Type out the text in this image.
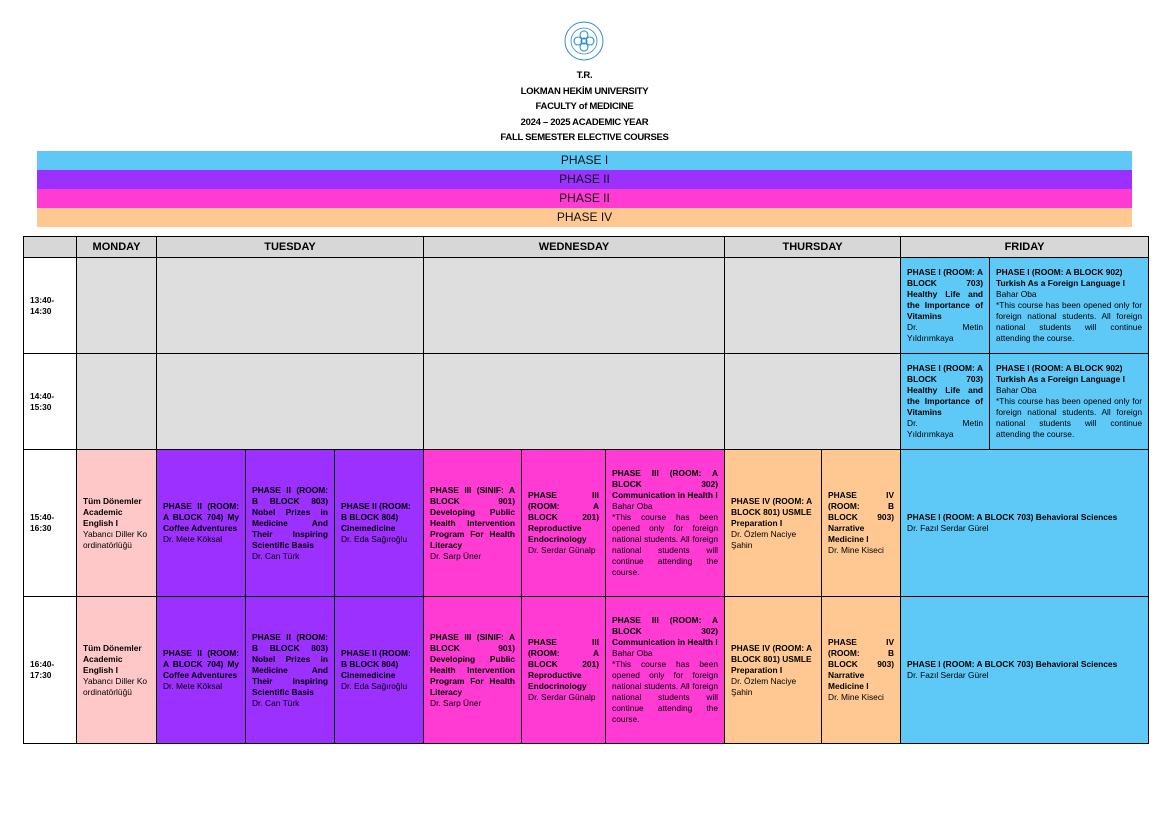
T.R.
LOKMAN HEKİM UNIVERSITY
FACULTY of MEDICINE
2024 – 2025 ACADEMIC YEAR
FALL SEMESTER ELECTIVE COURSES
PHASE I
PHASE II
PHASE II
PHASE IV
	MONDAY	TUESDAY			WEDNESDAY			THURSDAY		FRIDAY	
13:40-
14:30										PHASE I (ROOM: A BLOCK 703) Healthy Life and the Importance of Vitamins
Dr. Metin Yıldırımkaya	PHASE I (ROOM: A BLOCK 902) Turkish As a Foreign Language I
Bahar Oba
*This course has been opened only for foreign national students. All foreign national students will continue attending the course.

14:40-
15:30										PHASE I (ROOM: A BLOCK 703) Healthy Life and the Importance of Vitamins
Dr. Metin Yıldırımkaya	PHASE I (ROOM: A BLOCK 902) Turkish As a Foreign Language I
Bahar Oba
*This course has been opened only for foreign national students. All foreign national students will continue attending the course.

15:40-
16:30	Tüm Dönemler Academic English I
Yabancı Diller Koordinatörlüğü	PHASE II (ROOM: A BLOCK 704) My Coffee Adventures
Dr. Mete Köksal	PHASE II (ROOM: B BLOCK 803) Nobel Prizes in Medicine And Their Inspiring Scientific Basis
Dr. Can Türk	PHASE II (ROOM: B BLOCK 804) Cinemedicine
Dr. Eda Sağıroğlu	PHASE III (SINIF: A BLOCK 901) Developing Public Health Intervention Program For Health Literacy
Dr. Sarp Üner	PHASE III (ROOM: A BLOCK 201) Reproductive Endocrinology
Dr. Serdar Günalp	PHASE III (ROOM: A BLOCK 302) Communication in Health I
Bahar Oba
*This course has been opened only for foreign national students. All foreign national students will continue attending the course.	PHASE IV (ROOM: A BLOCK 801) USMLE Preparation I
Dr. Özlem Naciye Şahin	PHASE IV (ROOM: B BLOCK 903) Narrative Medicine I
Dr. Mine Kiseci	PHASE I (ROOM: A BLOCK 703) Behavioral Sciences
Dr. Fazıl Serdar Gürel	

16:40-
17:30	Tüm Dönemler Academic English I
Yabancı Diller Koordinatörlüğü	PHASE II (ROOM: A BLOCK 704) My Coffee Adventures
Dr. Mete Köksal	PHASE II (ROOM: B BLOCK 803) Nobel Prizes in Medicine And Their Inspiring Scientific Basis
Dr. Can Türk	PHASE II (ROOM: B BLOCK 804) Cinemedicine
Dr. Eda Sağıroğlu	PHASE III (SINIF: A BLOCK 901) Developing Public Health Intervention Program For Health Literacy
Dr. Sarp Üner	PHASE III (ROOM: A BLOCK 201) Reproductive Endocrinology
Dr. Serdar Günalp	PHASE III (ROOM: A BLOCK 302) Communication in Health I
Bahar Oba
*This course has been opened only for foreign national students. All foreign national students will continue attending the course.	PHASE IV (ROOM: A BLOCK 801) USMLE Preparation I
Dr. Özlem Naciye Şahin	PHASE IV (ROOM: B BLOCK 903) Narrative Medicine I
Dr. Mine Kiseci	PHASE I (ROOM: A BLOCK 703) Behavioral Sciences
Dr. Fazıl Serdar Gürel	
